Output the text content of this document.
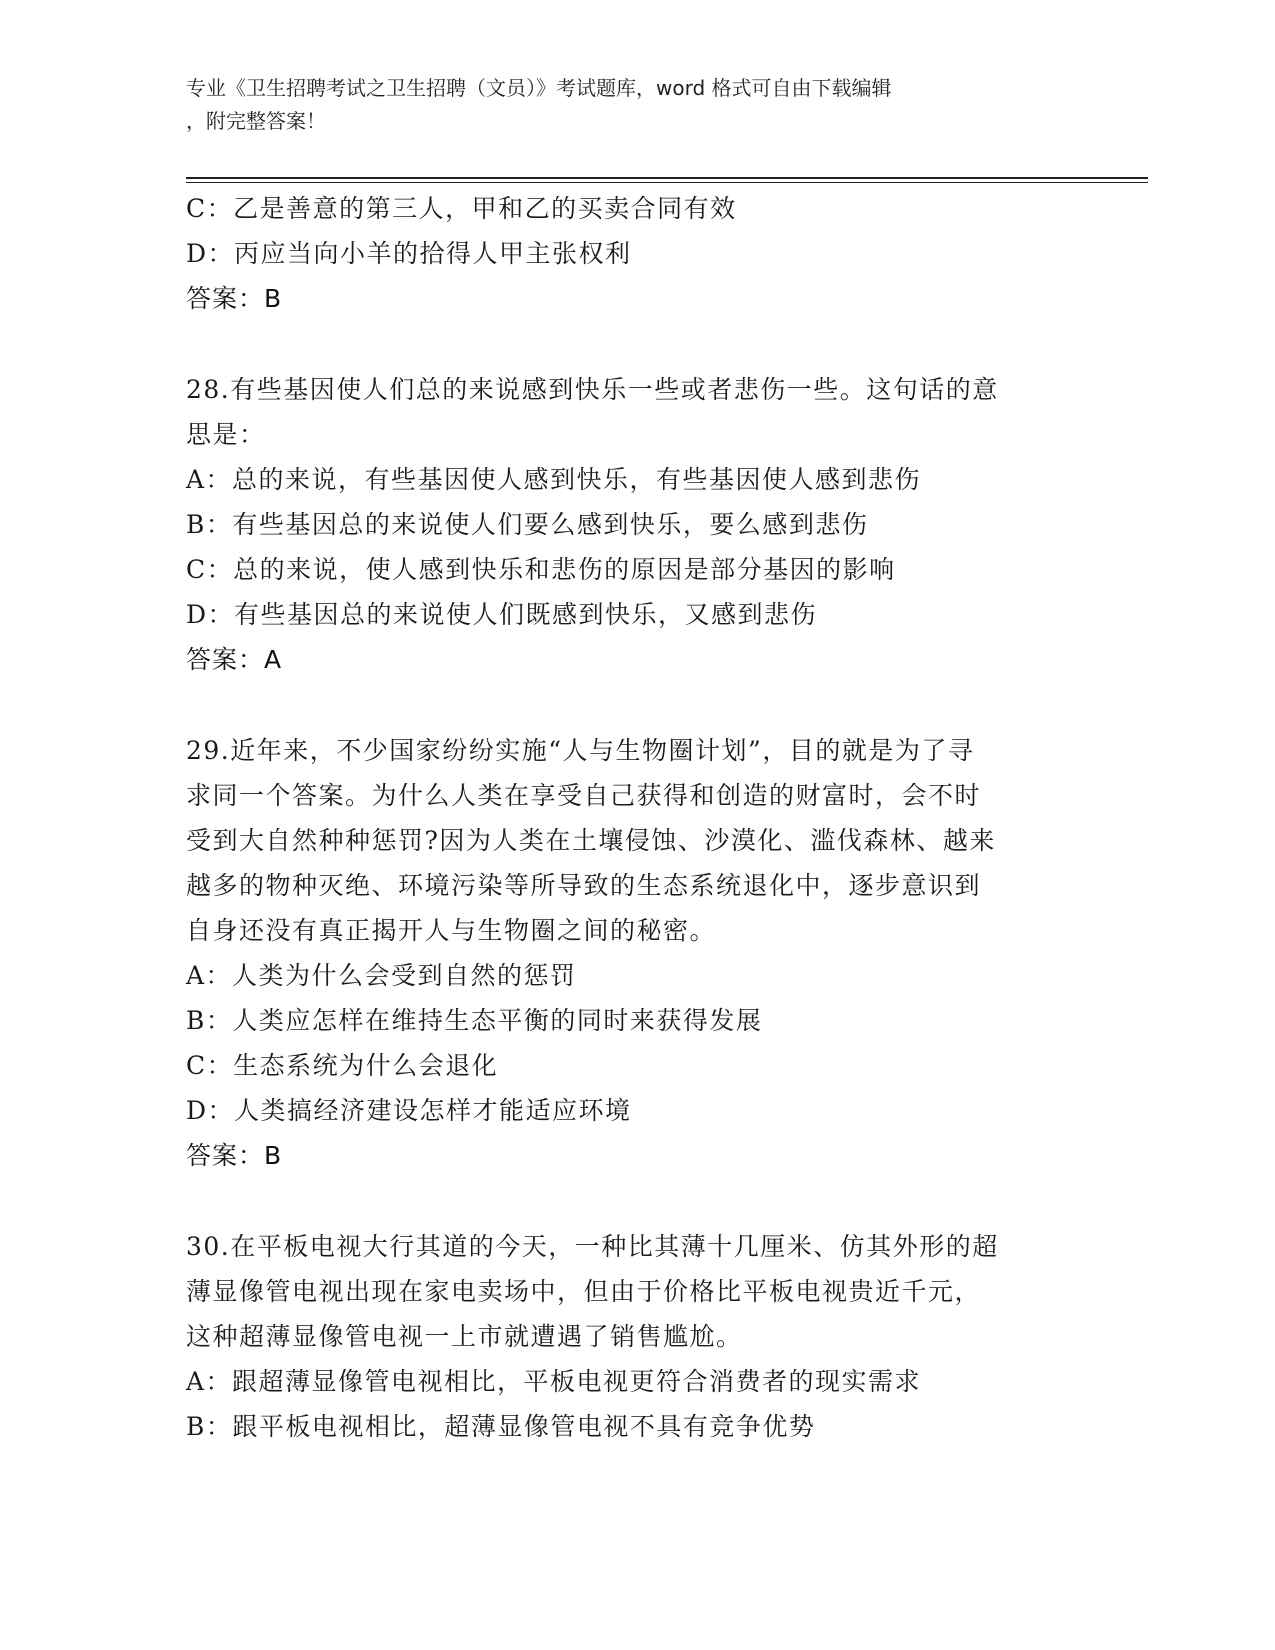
专业《卫生招聘考试之卫生招聘（文员）》考试题库，word 格式可自由下载编辑
，附完整答案！
C：乙是善意的第三人，甲和乙的买卖合同有效
D：丙应当向小羊的拾得人甲主张权利
答案：B
28.有些基因使人们总的来说感到快乐一些或者悲伤一些。这句话的意
思是：
A：总的来说，有些基因使人感到快乐，有些基因使人感到悲伤
B：有些基因总的来说使人们要么感到快乐，要么感到悲伤
C：总的来说，使人感到快乐和悲伤的原因是部分基因的影响
D：有些基因总的来说使人们既感到快乐，又感到悲伤
答案：A
29.近年来，不少国家纷纷实施“人与生物圈计划”，目的就是为了寻
求同一个答案。为什么人类在享受自己获得和创造的财富时，会不时
受到大自然种种惩罚?因为人类在土壤侵蚀、沙漠化、滥伐森林、越来
越多的物种灭绝、环境污染等所导致的生态系统退化中，逐步意识到
自身还没有真正揭开人与生物圈之间的秘密。
A：人类为什么会受到自然的惩罚
B：人类应怎样在维持生态平衡的同时来获得发展
C：生态系统为什么会退化
D：人类搞经济建设怎样才能适应环境
答案：B
30.在平板电视大行其道的今天，一种比其薄十几厘米、仿其外形的超
薄显像管电视出现在家电卖场中，但由于价格比平板电视贵近千元，
这种超薄显像管电视一上市就遭遇了销售尴尬。
A：跟超薄显像管电视相比，平板电视更符合消费者的现实需求
B：跟平板电视相比，超薄显像管电视不具有竞争优势
